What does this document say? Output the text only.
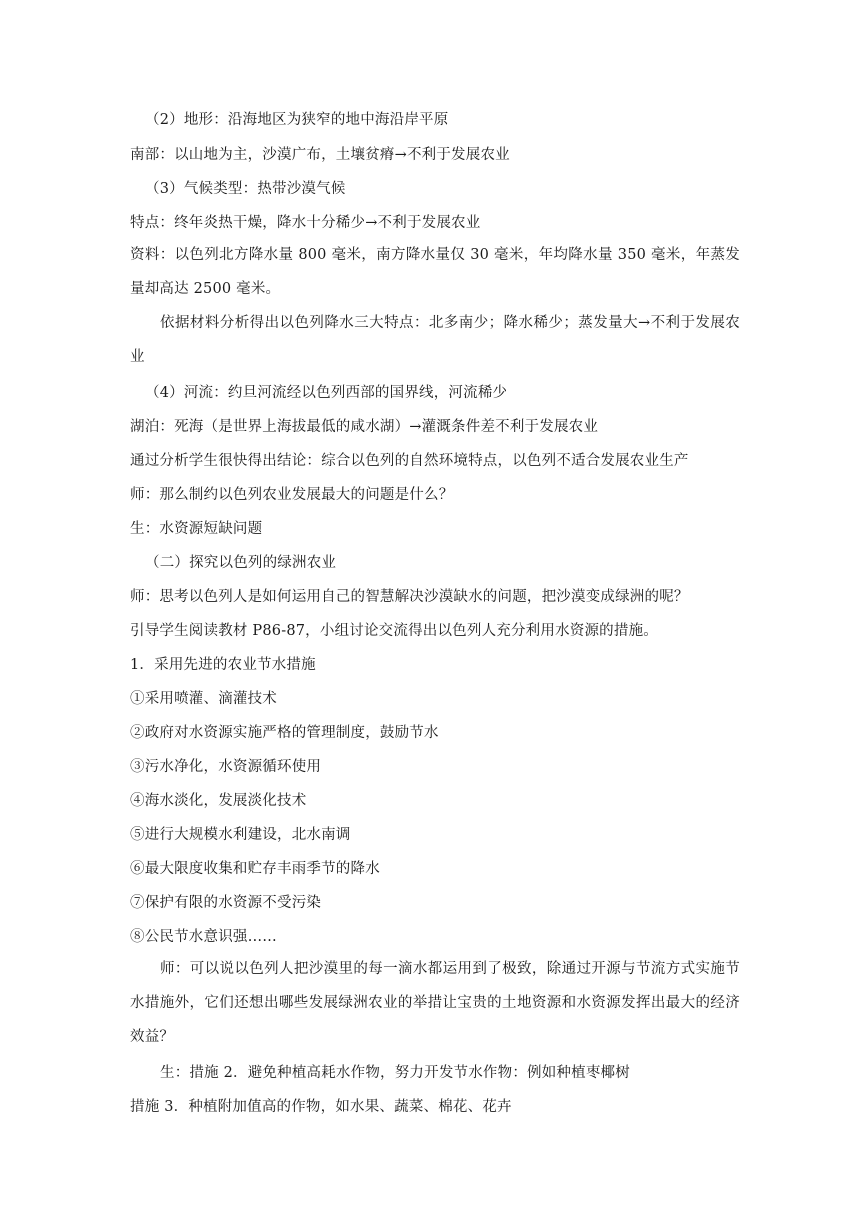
（2）地形：沿海地区为狭窄的地中海沿岸平原
南部：以山地为主，沙漠广布，土壤贫瘠→不利于发展农业
（3）气候类型：热带沙漠气候
特点：终年炎热干燥，降水十分稀少→不利于发展农业
资料：以色列北方降水量 800 毫米，南方降水量仅 30 毫米，年均降水量 350 毫米，年蒸发量却高达 2500 毫米。
依据材料分析得出以色列降水三大特点：北多南少；降水稀少；蒸发量大→不利于发展农业
（4）河流：约旦河流经以色列西部的国界线，河流稀少
湖泊：死海（是世界上海拔最低的咸水湖）→灌溉条件差不利于发展农业
通过分析学生很快得出结论：综合以色列的自然环境特点，以色列不适合发展农业生产
师：那么制约以色列农业发展最大的问题是什么？
生：水资源短缺问题
（二）探究以色列的绿洲农业
师：思考以色列人是如何运用自己的智慧解决沙漠缺水的问题，把沙漠变成绿洲的呢？
引导学生阅读教材 P86-87，小组讨论交流得出以色列人充分利用水资源的措施。
1．采用先进的农业节水措施
①采用喷灌、滴灌技术
②政府对水资源实施严格的管理制度，鼓励节水
③污水净化，水资源循环使用
④海水淡化，发展淡化技术
⑤进行大规模水利建设，北水南调
⑥最大限度收集和贮存丰雨季节的降水
⑦保护有限的水资源不受污染
⑧公民节水意识强……
师：可以说以色列人把沙漠里的每一滴水都运用到了极致，除通过开源与节流方式实施节水措施外，它们还想出哪些发展绿洲农业的举措让宝贵的土地资源和水资源发挥出最大的经济效益？
生：措施 2．避免种植高耗水作物，努力开发节水作物：例如种植枣椰树
措施 3．种植附加值高的作物，如水果、蔬菜、棉花、花卉
